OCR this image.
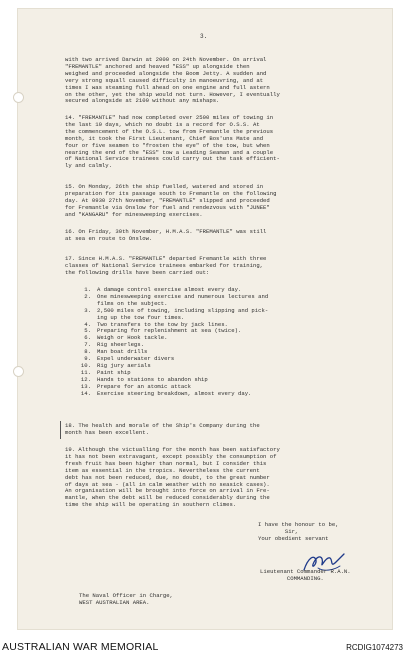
3.
with two arrived Darwin at 2000 on 24th November. On arrival
"FREMANTLE" anchored and heaved "ESS" up alongside then
weighed and proceeded alongside the Boom Jetty. A sudden and
very strong squall caused difficulty in manoeuvring, and at
times I was steaming full ahead on one engine and full astern
on the other, yet the ship would not turn. However, I eventually
secured alongside at 2100 without any mishaps.
14. "FREMANTLE" had now completed over 2500 miles of towing in
the last 10 days, which no doubt is a record for O.S.S. At
the commencement of the O.S.L. tow from Fremantle the previous
month, it took the First Lieutenant, Chief Bos'uns Mate and
four or five seamen to "frosten the eye" of the tow, but when
nearing the end of the "ESS" tow a Leading Seaman and a couple
of National Service trainees could carry out the task efficient-
ly and calmly.
15. On Monday, 26th the ship fuelled, watered and stored in
preparation for its passage south to Fremantle on the following
day. At 0930 27th November, "FREMANTLE" slipped and proceeded
for Fremantle via Onslow for fuel and rendezvous with "JUNEE"
and "KANGARU" for minesweeping exercises.
16. On Friday, 30th November, H.M.A.S. "FREMANTLE" was still
at sea en route to Onslow.
17. Since H.M.A.S. "FREMANTLE" departed Fremantle with three
classes of National Service trainees embarked for training,
the following drills have been carried out:
1. A damage control exercise almost every day.
2. One minesweeping exercise and numerous lectures and
films on the subject.
3. 2,500 miles of towing, including slipping and pick-
ing up the tow four times.
4. Two transfers to the tow by jack lines.
5. Preparing for replenishment at sea (twice).
6. Weigh or Hook tackle.
7. Rig sheerlegs.
8. Man boat drills
9. Expel underwater divers
10. Rig jury aerials
11. Paint ship
12. Hands to stations to abandon ship
13. Prepare for an atomic attack
14. Exercise steering breakdown, almost every day.
18. The health and morale of the Ship's Company during the
month has been excellent.
19. Although the victualling for the month has been satisfactory
it has not been extravagant, except possibly the consumption of
fresh fruit has been higher than normal, but I consider this
item as essential in the tropics. Nevertheless the current
debt has not been reduced, due, no doubt, to the great number
of days at sea - (all in calm weather with no seasick cases).
An organisation will be brought into force on arrival in Fre-
mantle, when the debt will be reduced considerably during the
time the ship will be operating in southern climes.
I have the honour to be,
Sir,
Your obedient servant
Lieutenant Commander R.A.N.
COMMANDING.
The Naval Officer in Charge,
WEST AUSTRALIAN AREA.
AUSTRALIAN WAR MEMORIAL	RCDIG1074273
